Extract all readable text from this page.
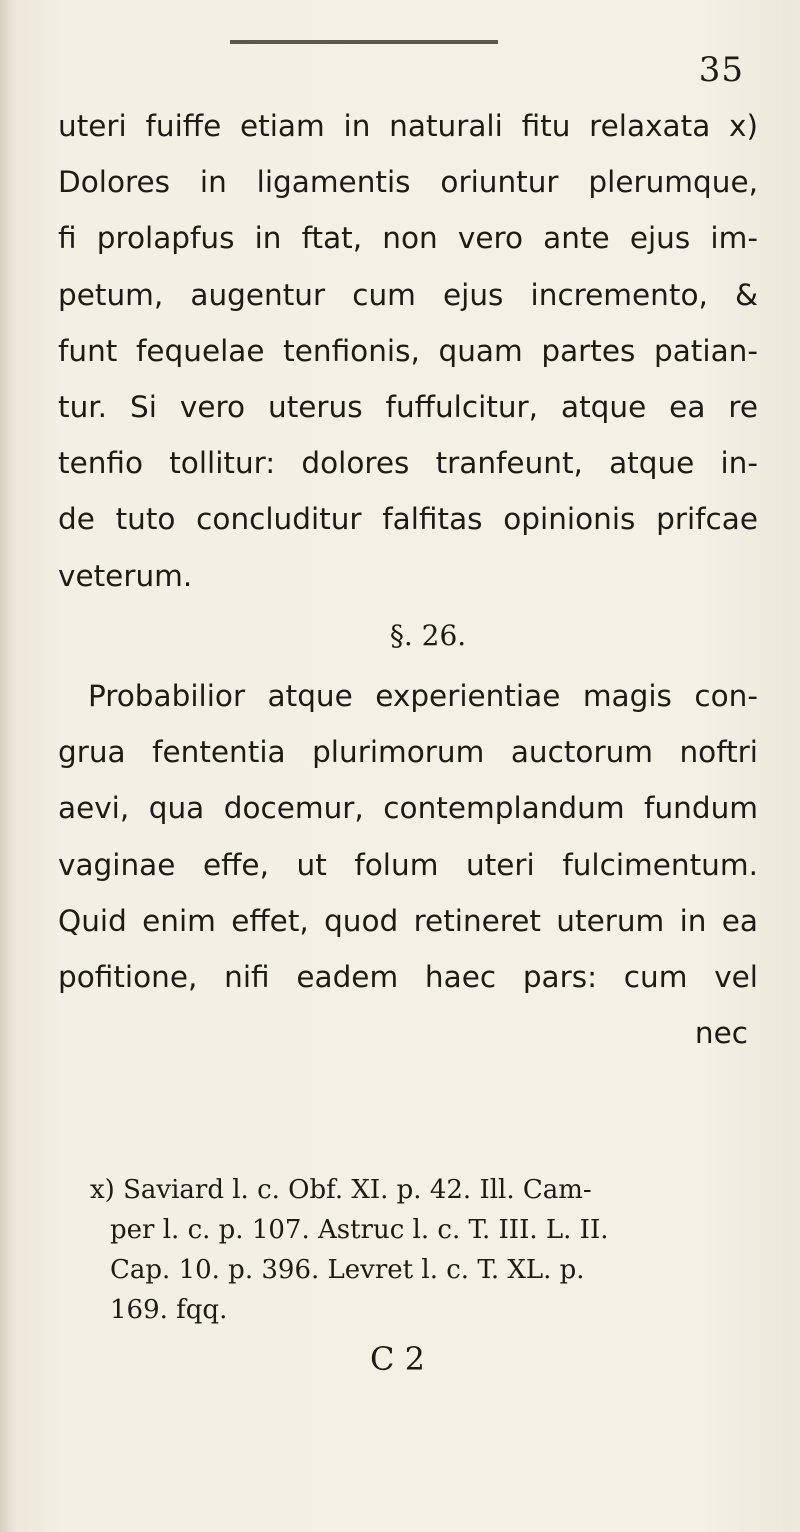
35
uteri fuiffe etiam in naturali fitu relaxata x)
Dolores in ligamentis oriuntur plerumque,
fi prolapfus in ftat, non vero ante ejus im-
petum, augentur cum ejus incremento, &
funt fequelae tenfionis, quam partes patian-
tur. Si vero uterus fuffulcitur, atque ea re
tenfio tollitur: dolores tranfeunt, atque in-
de tuto concluditur falfitas opinionis prifcae
veterum.
§. 26.
Probabilior atque experientiae magis con-
grua fententia plurimorum auctorum noftri
aevi, qua docemur, contemplandum fundum
vaginae effe, ut folum uteri fulcimentum.
Quid enim effet, quod retineret uterum in ea
pofitione, nifi eadem haec pars: cum vel
nec
x) Saviard l. c. Obf. XI. p. 42. Ill. Cam-
per l. c. p. 107. Astruc l. c. T. III. L. II.
Cap. 10. p. 396. Levret l. c. T. XL. p.
169. fqq.
C 2
